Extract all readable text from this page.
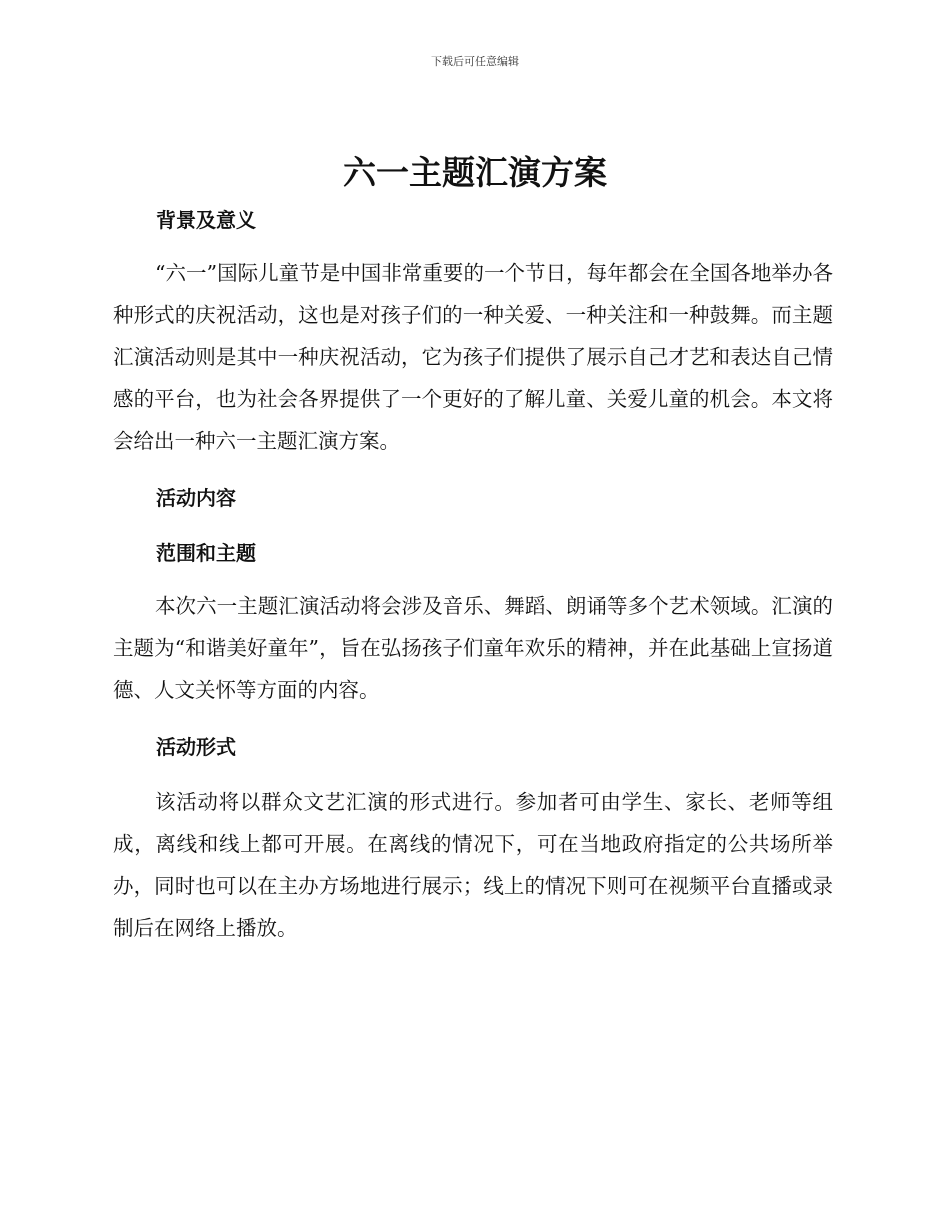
下载后可任意编辑
六一主题汇演方案
背景及意义

“六一”国际儿童节是中国非常重要的一个节日，每年都会在全国各地举办各种形式的庆祝活动，这也是对孩子们的一种关爱、一种关注和一种鼓舞。而主题汇演活动则是其中一种庆祝活动，它为孩子们提供了展示自己才艺和表达自己情感的平台，也为社会各界提供了一个更好的了解儿童、关爱儿童的机会。本文将会给出一种六一主题汇演方案。

活动内容
范围和主题

本次六一主题汇演活动将会涉及音乐、舞蹈、朗诵等多个艺术领域。汇演的主题为“和谐美好童年”，旨在弘扬孩子们童年欢乐的精神，并在此基础上宣扬道德、人文关怀等方面的内容。

活动形式

该活动将以群众文艺汇演的形式进行。参加者可由学生、家长、老师等组成，离线和线上都可开展。在离线的情况下，可在当地政府指定的公共场所举办，同时也可以在主办方场地进行展示；线上的情况下则可在视频平台直播或录制后在网络上播放。
